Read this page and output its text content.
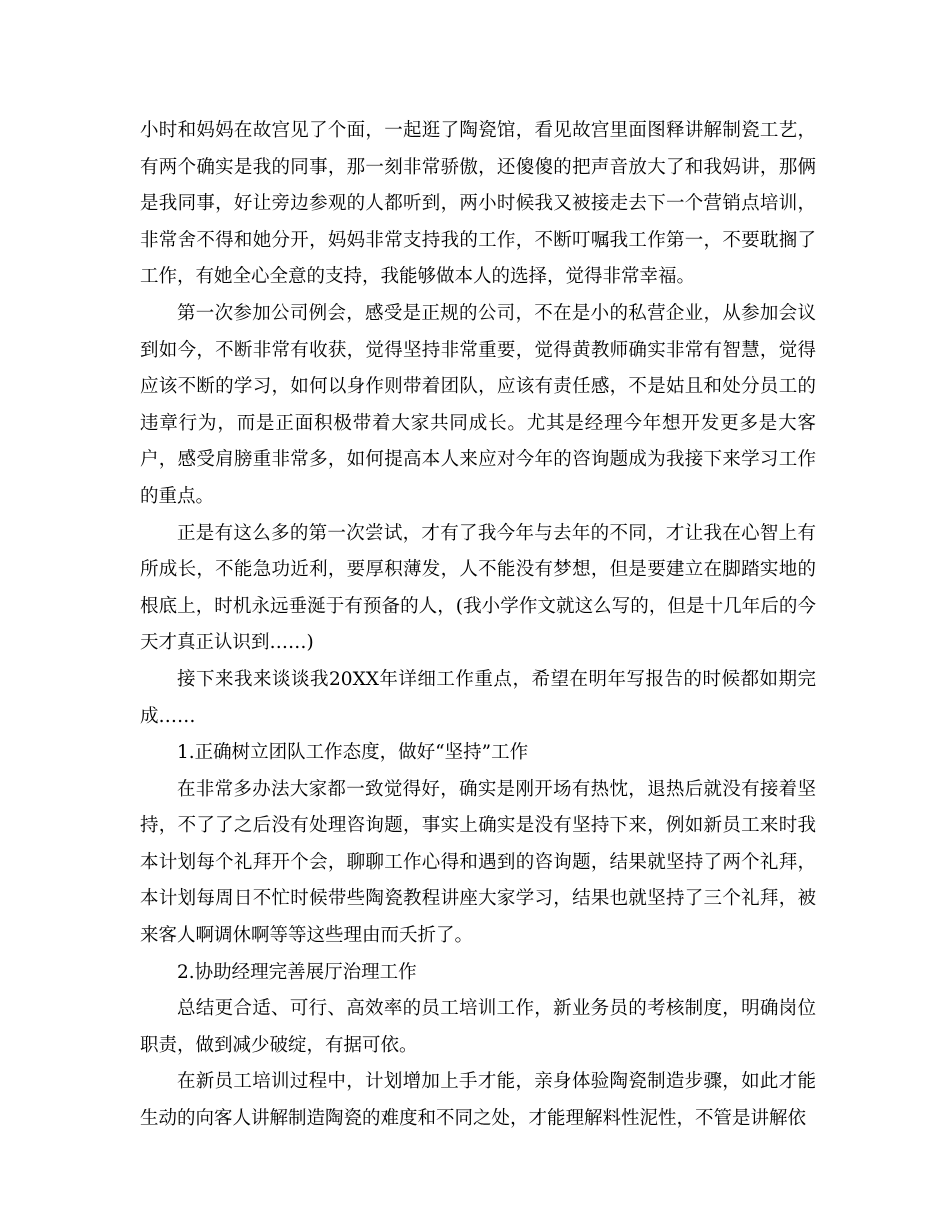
小时和妈妈在故宫见了个面，一起逛了陶瓷馆，看见故宫里面图释讲解制瓷工艺，有两个确实是我的同事，那一刻非常骄傲，还傻傻的把声音放大了和我妈讲，那俩是我同事，好让旁边参观的人都听到，两小时候我又被接走去下一个营销点培训，非常舍不得和她分开，妈妈非常支持我的工作，不断叮嘱我工作第一，不要耽搁了工作，有她全心全意的支持，我能够做本人的选择，觉得非常幸福。

第一次参加公司例会，感受是正规的公司，不在是小的私营企业，从参加会议到如今，不断非常有收获，觉得坚持非常重要，觉得黄教师确实非常有智慧，觉得应该不断的学习，如何以身作则带着团队，应该有责任感，不是姑且和处分员工的违章行为，而是正面积极带着大家共同成长。尤其是经理今年想开发更多是大客户，感受肩膀重非常多，如何提高本人来应对今年的咨询题成为我接下来学习工作的重点。

正是有这么多的第一次尝试，才有了我今年与去年的不同，才让我在心智上有所成长，不能急功近利，要厚积薄发，人不能没有梦想，但是要建立在脚踏实地的根底上，时机永远垂涎于有预备的人，(我小学作文就这么写的，但是十几年后的今天才真正认识到……)

接下来我来谈谈我20XX年详细工作重点，希望在明年写报告的时候都如期完成……

1.正确树立团队工作态度，做好“坚持”工作

在非常多办法大家都一致觉得好，确实是刚开场有热忱，退热后就没有接着坚持，不了了之后没有处理咨询题，事实上确实是没有坚持下来，例如新员工来时我本计划每个礼拜开个会，聊聊工作心得和遇到的咨询题，结果就坚持了两个礼拜，本计划每周日不忙时候带些陶瓷教程讲座大家学习，结果也就坚持了三个礼拜，被来客人啊调休啊等等这些理由而夭折了。

2.协助经理完善展厅治理工作

总结更合适、可行、高效率的员工培训工作，新业务员的考核制度，明确岗位职责，做到减少破绽，有据可依。

在新员工培训过程中，计划增加上手才能，亲身体验陶瓷制造步骤，如此才能生动的向客人讲解制造陶瓷的难度和不同之处，才能理解料性泥性，不管是讲解依
